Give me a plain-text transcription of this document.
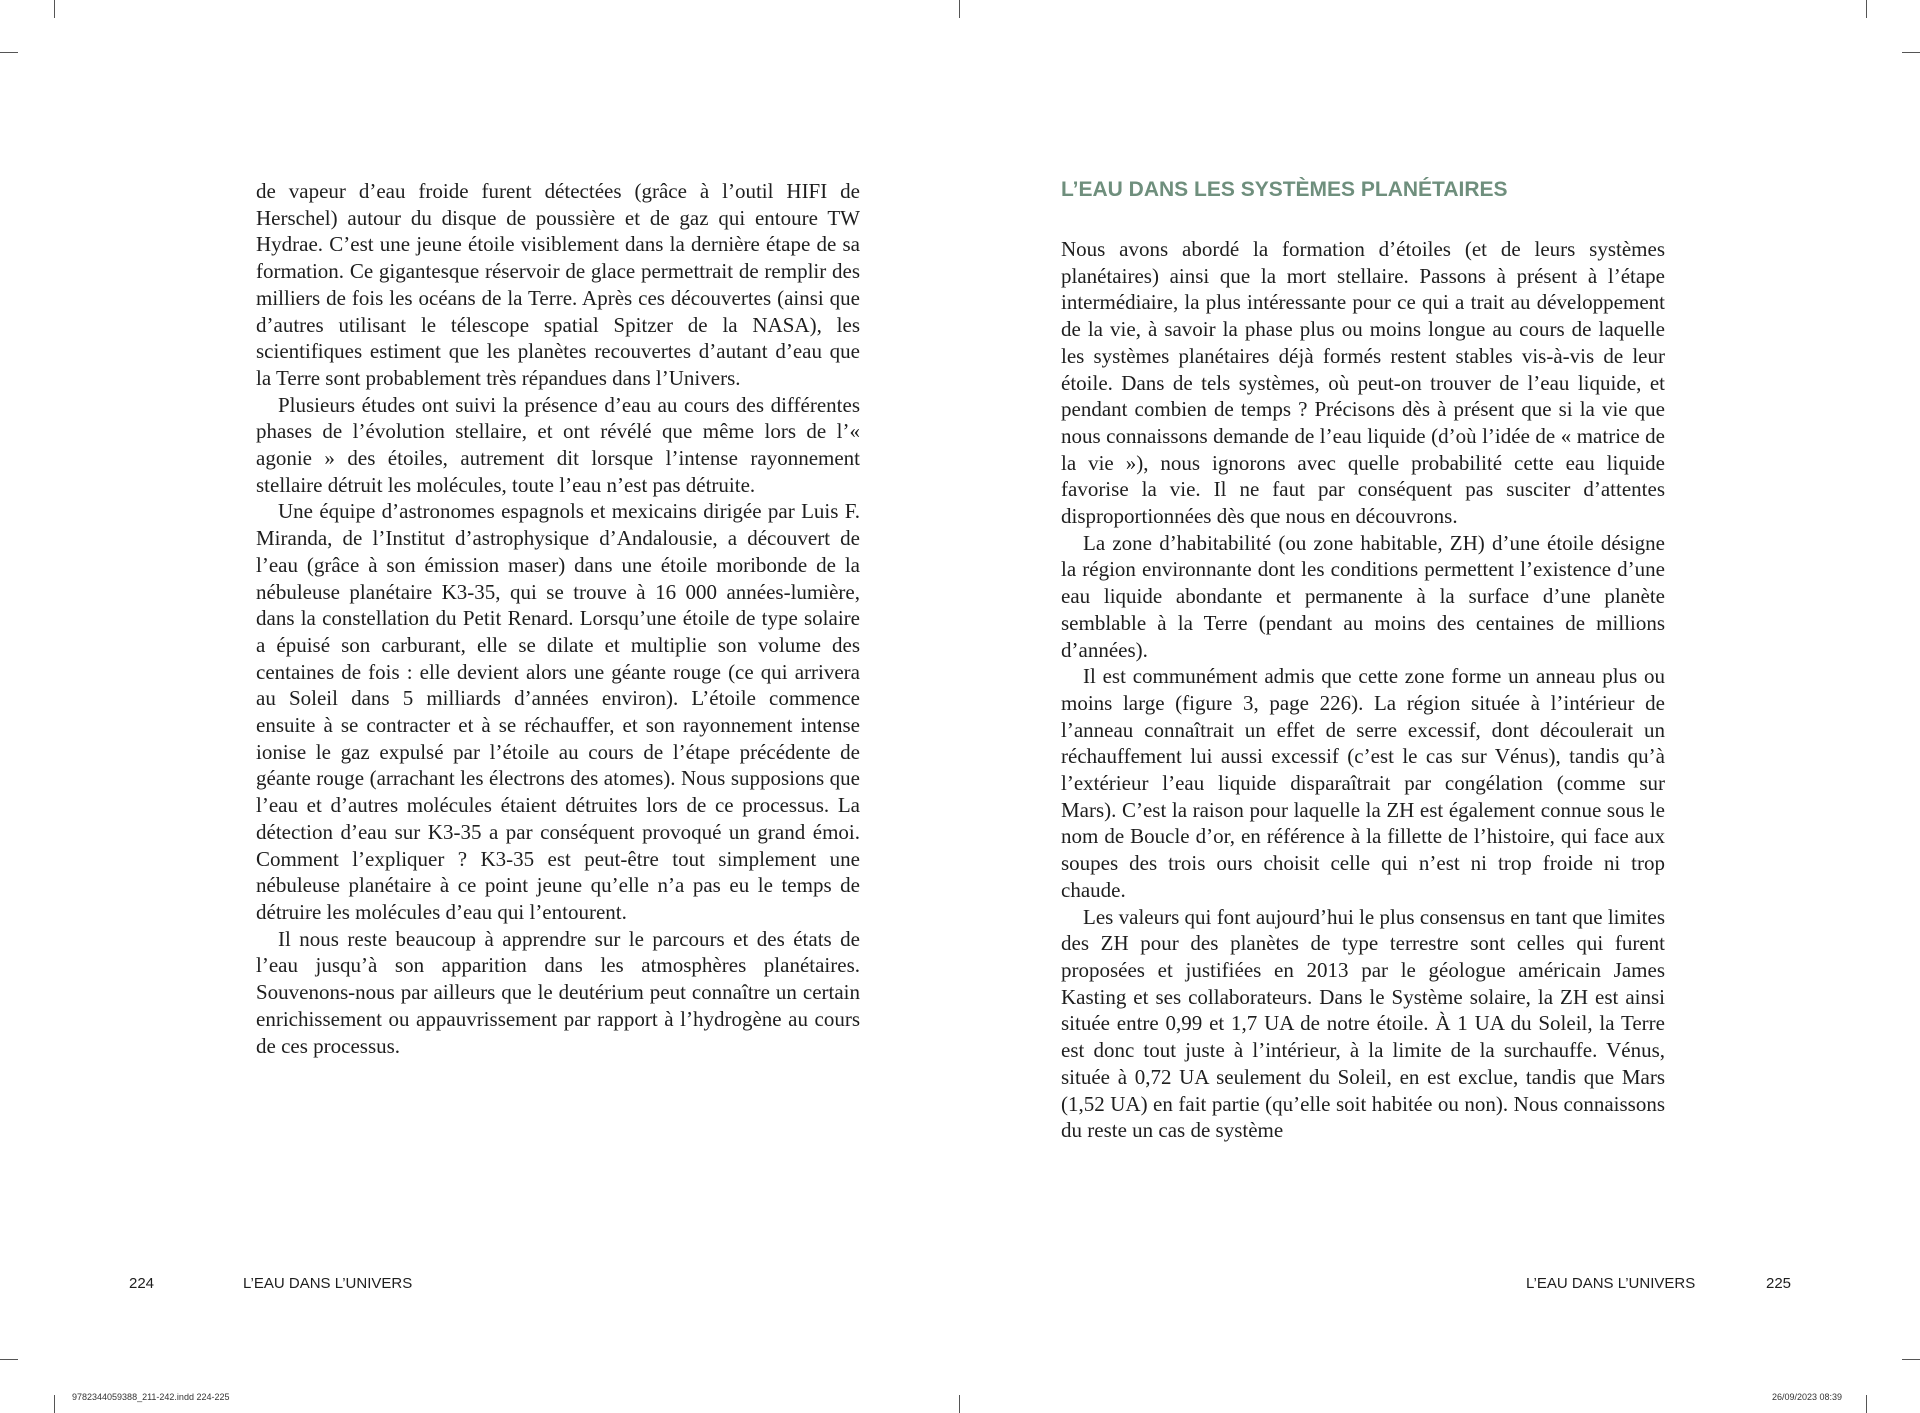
de vapeur d’eau froide furent détectées (grâce à l’outil HIFI de Herschel) autour du disque de poussière et de gaz qui entoure TW Hydrae. C’est une jeune étoile visiblement dans la dernière étape de sa formation. Ce gigantesque réservoir de glace permettrait de remplir des milliers de fois les océans de la Terre. Après ces découvertes (ainsi que d’autres utilisant le télescope spatial Spitzer de la NASA), les scientifiques estiment que les planètes recouvertes d’autant d’eau que la Terre sont probablement très répandues dans l’Univers.

Plusieurs études ont suivi la présence d’eau au cours des différentes phases de l’évolution stellaire, et ont révélé que même lors de l’« agonie » des étoiles, autrement dit lorsque l’intense rayonnement stellaire détruit les molécules, toute l’eau n’est pas détruite.

Une équipe d’astronomes espagnols et mexicains dirigée par Luis F. Miranda, de l’Institut d’astrophysique d’Andalousie, a découvert de l’eau (grâce à son émission maser) dans une étoile moribonde de la nébuleuse planétaire K3-35, qui se trouve à 16 000 années-lumière, dans la constellation du Petit Renard. Lorsqu’une étoile de type solaire a épuisé son carburant, elle se dilate et multiplie son volume des centaines de fois : elle devient alors une géante rouge (ce qui arrivera au Soleil dans 5 milliards d’années environ). L’étoile commence ensuite à se contracter et à se réchauffer, et son rayonnement intense ionise le gaz expulsé par l’étoile au cours de l’étape précédente de géante rouge (arrachant les électrons des atomes). Nous supposions que l’eau et d’autres molécules étaient détruites lors de ce processus. La détection d’eau sur K3-35 a par conséquent provoqué un grand émoi. Comment l’expliquer ? K3-35 est peut-être tout simplement une nébuleuse planétaire à ce point jeune qu’elle n’a pas eu le temps de détruire les molécules d’eau qui l’entourent.

Il nous reste beaucoup à apprendre sur le parcours et des états de l’eau jusqu’à son apparition dans les atmosphères planétaires. Souvenons-nous par ailleurs que le deutérium peut connaître un certain enrichissement ou appauvrissement par rapport à l’hydrogène au cours de ces processus.

L’EAU DANS LES SYSTÈMES PLANÉTAIRES

Nous avons abordé la formation d’étoiles (et de leurs systèmes planétaires) ainsi que la mort stellaire. Passons à présent à l’étape intermédiaire, la plus intéressante pour ce qui a trait au développement de la vie, à savoir la phase plus ou moins longue au cours de laquelle les systèmes planétaires déjà formés restent stables vis-à-vis de leur étoile. Dans de tels systèmes, où peut-on trouver de l’eau liquide, et pendant combien de temps ? Précisons dès à présent que si la vie que nous connaissons demande de l’eau liquide (d’où l’idée de « matrice de la vie »), nous ignorons avec quelle probabilité cette eau liquide favorise la vie. Il ne faut par conséquent pas susciter d’attentes disproportionnées dès que nous en découvrons.

La zone d’habitabilité (ou zone habitable, ZH) d’une étoile désigne la région environnante dont les conditions permettent l’existence d’une eau liquide abondante et permanente à la surface d’une planète semblable à la Terre (pendant au moins des centaines de millions d’années).

Il est communément admis que cette zone forme un anneau plus ou moins large (figure 3, page 226). La région située à l’intérieur de l’anneau connaîtrait un effet de serre excessif, dont découlerait un réchauffement lui aussi excessif (c’est le cas sur Vénus), tandis qu’à l’extérieur l’eau liquide disparaîtrait par congélation (comme sur Mars). C’est la raison pour laquelle la ZH est également connue sous le nom de Boucle d’or, en référence à la fillette de l’histoire, qui face aux soupes des trois ours choisit celle qui n’est ni trop froide ni trop chaude.

Les valeurs qui font aujourd’hui le plus consensus en tant que limites des ZH pour des planètes de type terrestre sont celles qui furent proposées et justifiées en 2013 par le géologue américain James Kasting et ses collaborateurs. Dans le Système solaire, la ZH est ainsi située entre 0,99 et 1,7 UA de notre étoile. À 1 UA du Soleil, la Terre est donc tout juste à l’intérieur, à la limite de la surchauffe. Vénus, située à 0,72 UA seulement du Soleil, en est exclue, tandis que Mars (1,52 UA) en fait partie (qu’elle soit habitée ou non). Nous connaissons du reste un cas de système

224	L’EAU DANS L’UNIVERS	L’EAU DANS L’UNIVERS	225
9782344059388_211-242.indd 224-225	26/09/2023 08:39
